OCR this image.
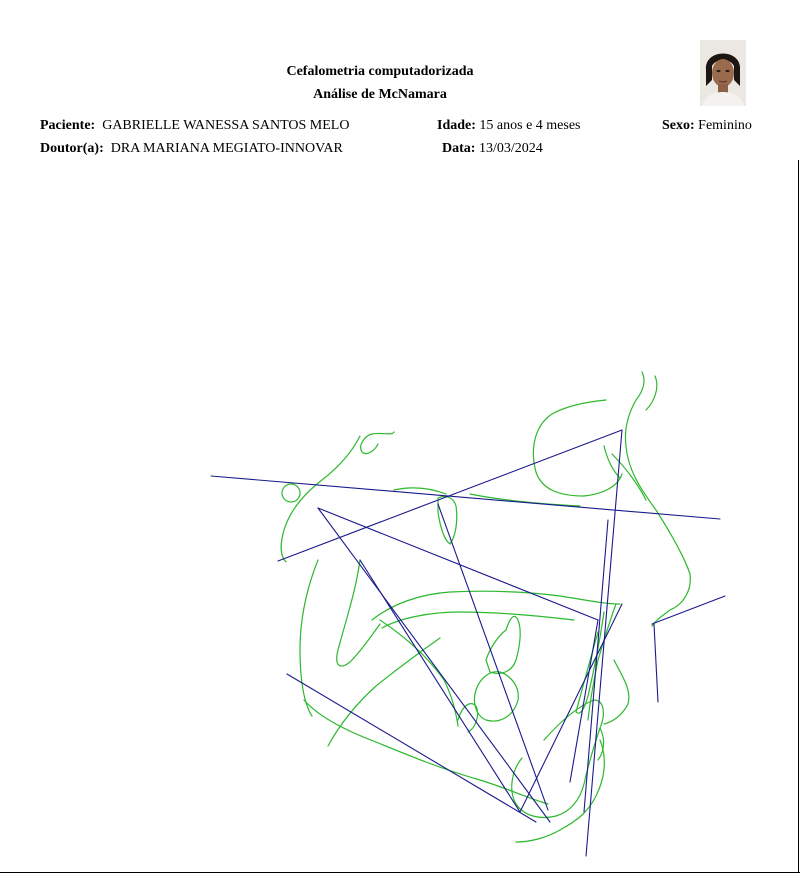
Cefalometria computadorizada
Análise de McNamara
Paciente: GABRIELLE WANESSA SANTOS MELO	Idade: 15 anos e 4 meses	Sexo: Feminino
Doutor(a): DRA MARIANA MEGIATO-INNOVAR	Data: 13/03/2024
